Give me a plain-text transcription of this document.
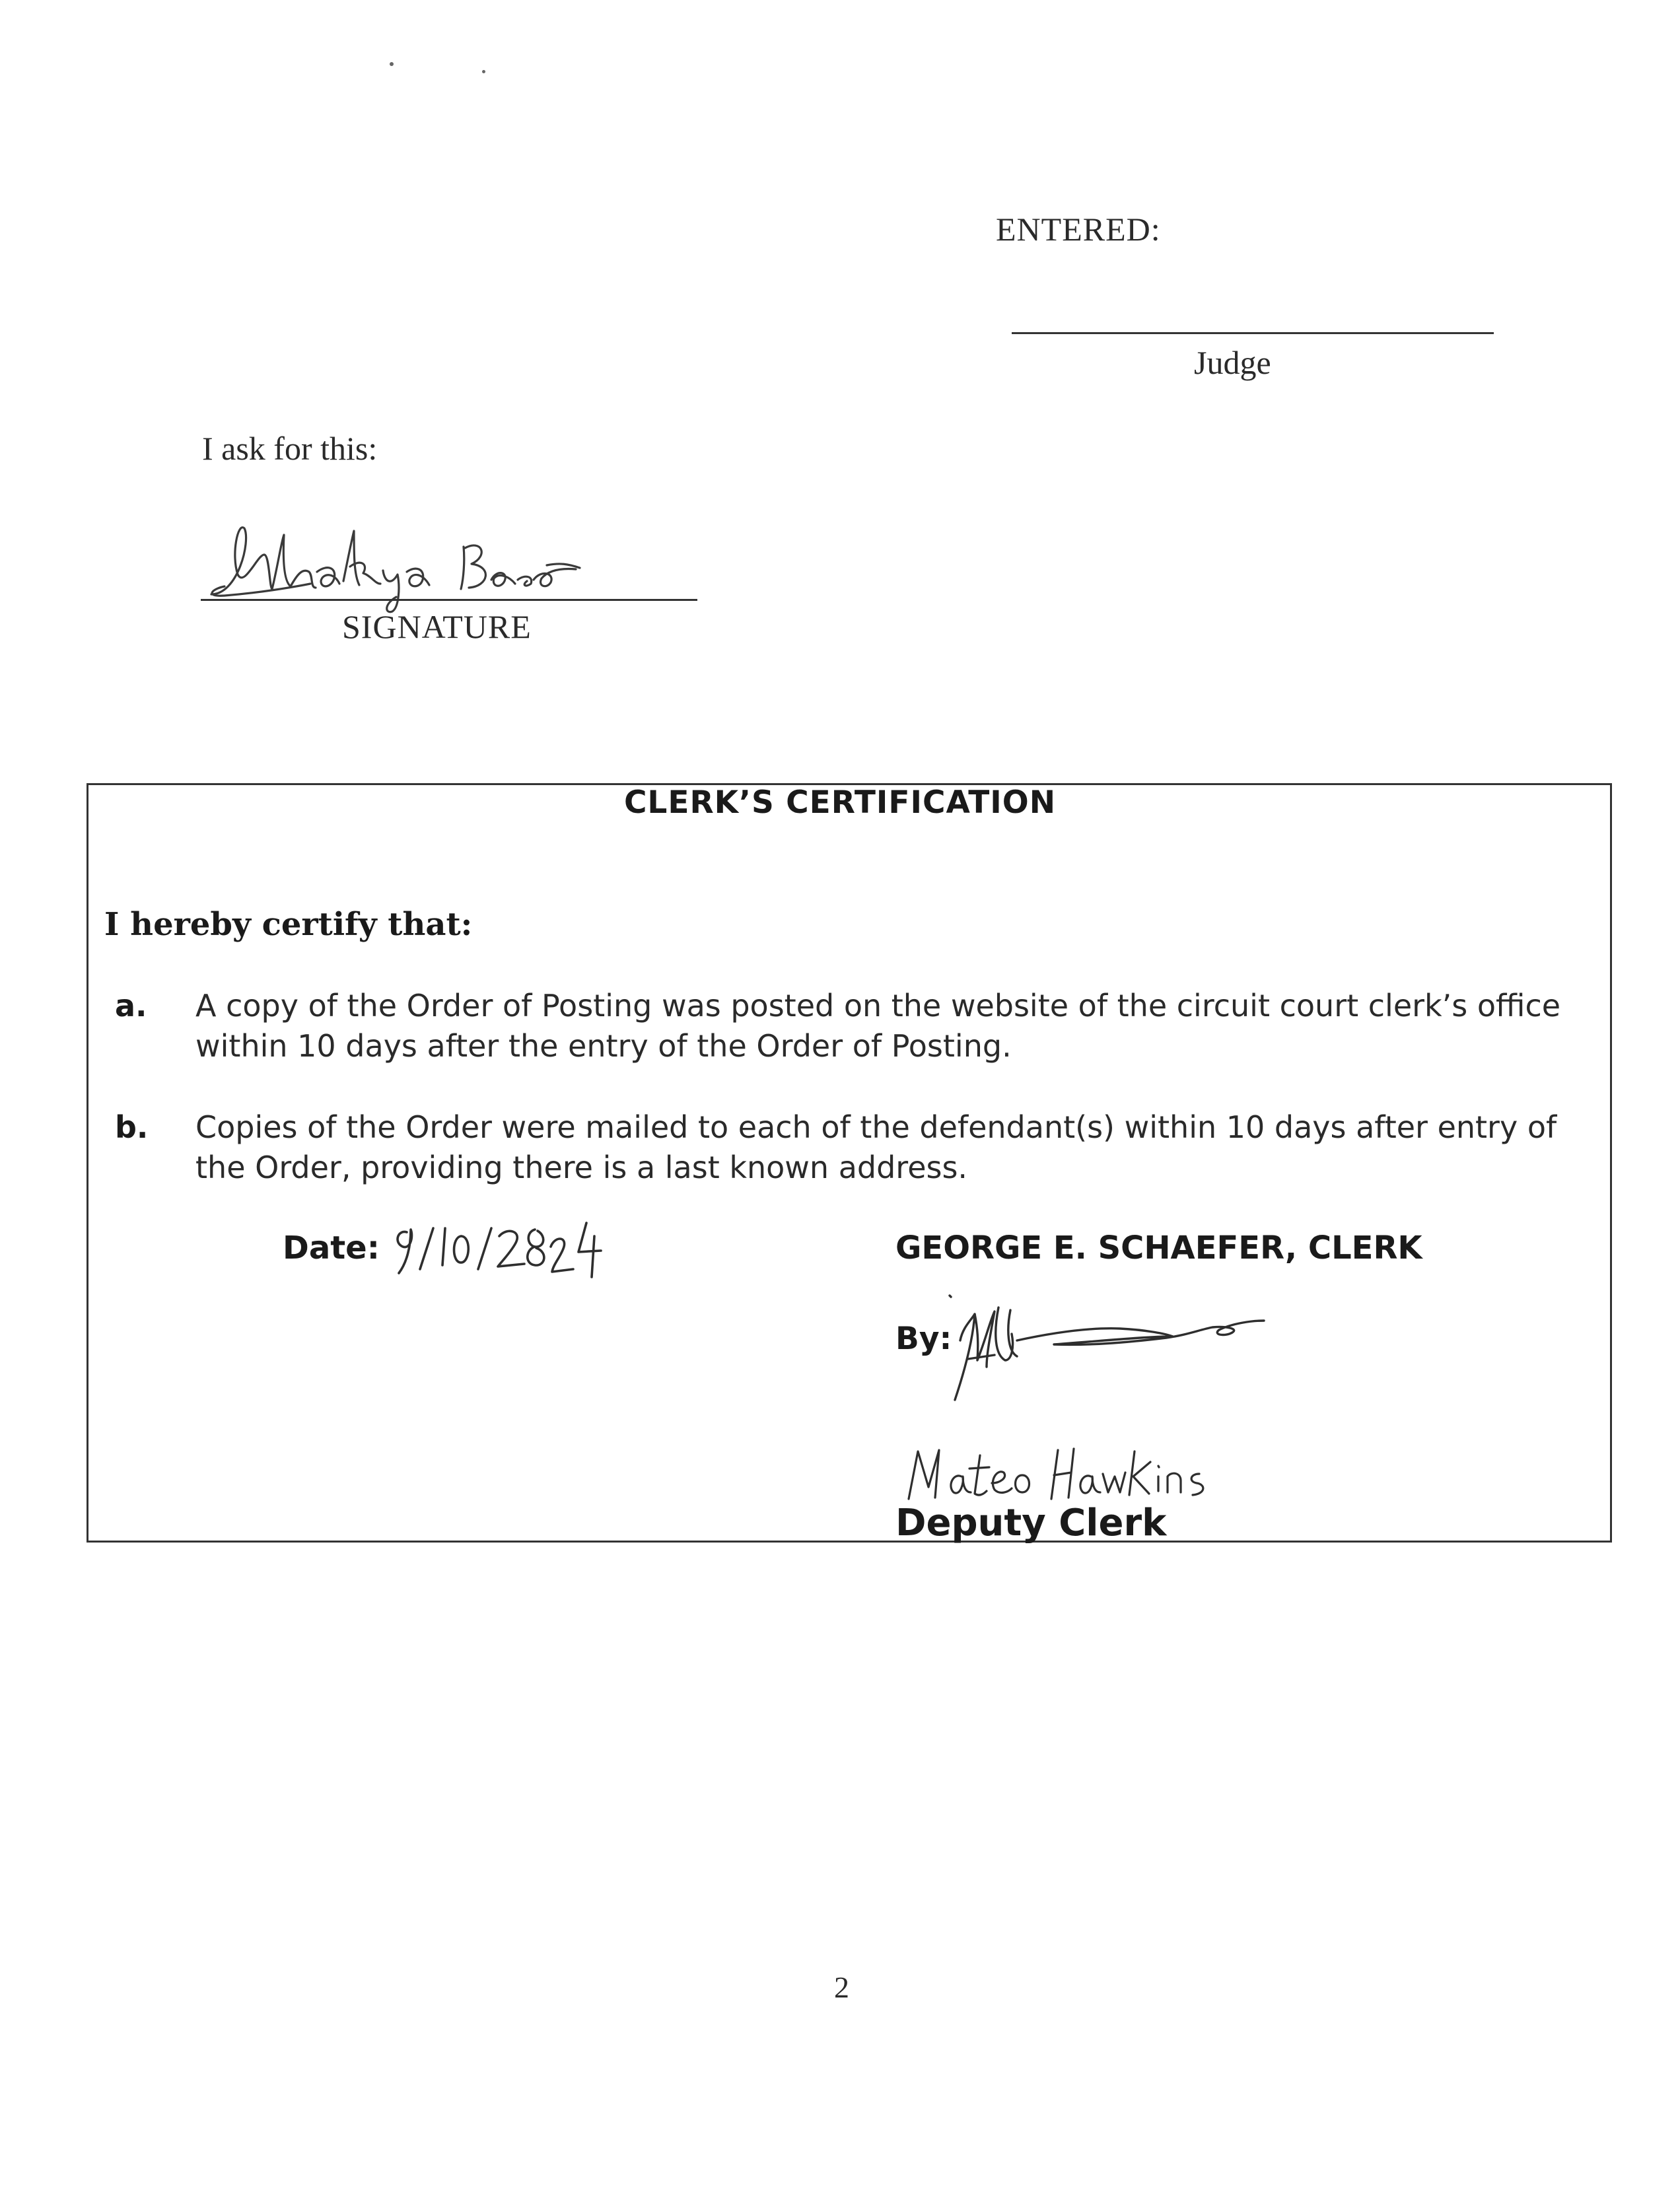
ENTERED:
Judge
I ask for this:
SIGNATURE
CLERK’S CERTIFICATION
I hereby certify that:
a. A copy of the Order of Posting was posted on the website of the circuit court clerk’s office within 10 days after the entry of the Order of Posting.
b. Copies of the Order were mailed to each of the defendant(s) within 10 days after entry of the Order, providing there is a last known address.
Date:	GEORGE E. SCHAEFER, CLERK
By:
Deputy Clerk
2
